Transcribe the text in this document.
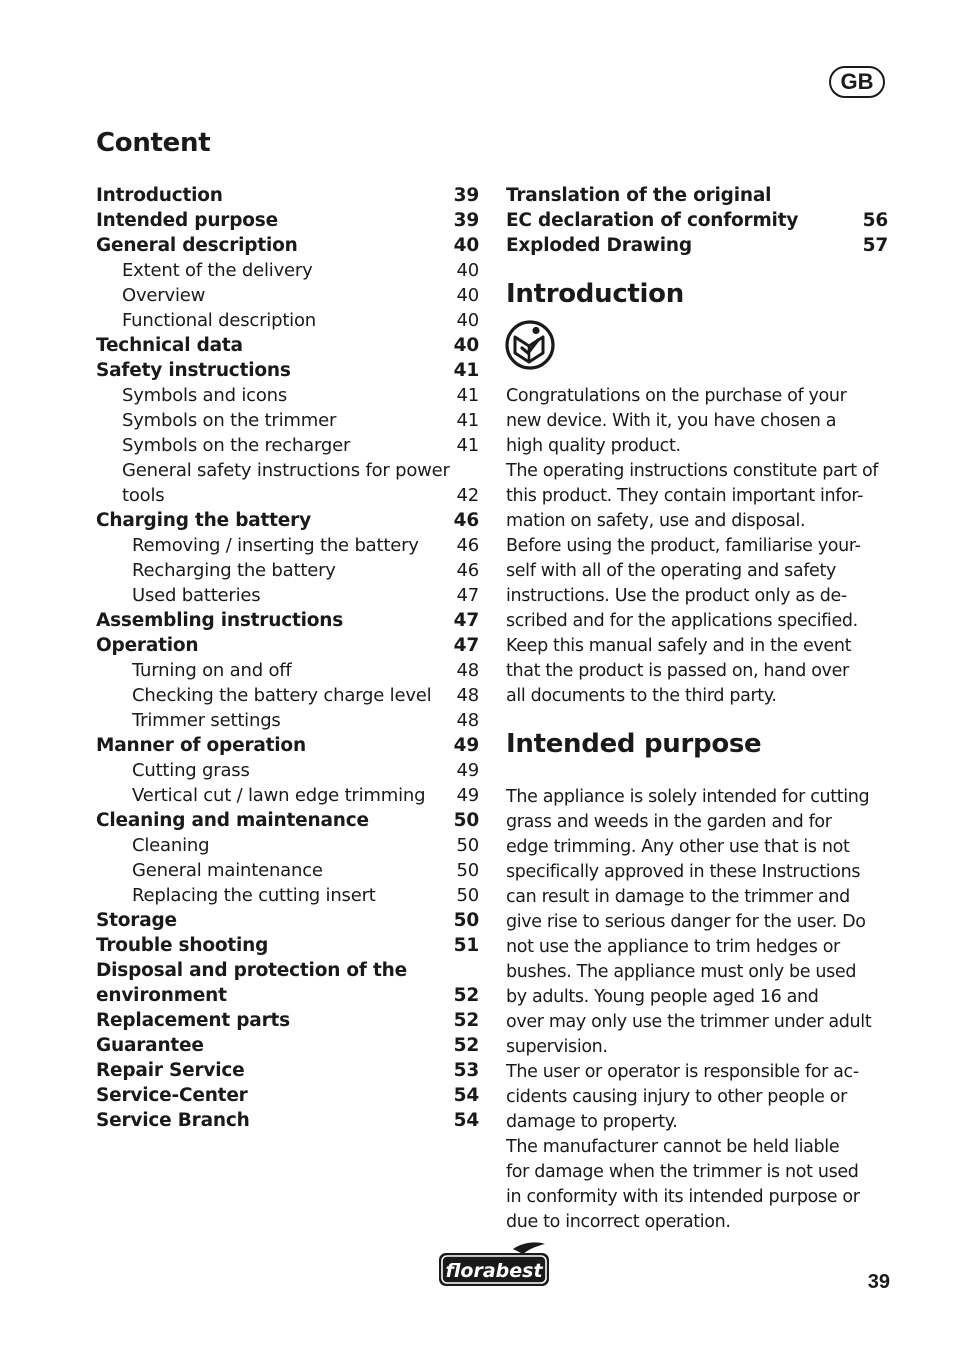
GB
Content
Introduction	39
Intended purpose	39
General description	40
Extent of the delivery	40
Overview	40
Functional description	40
Technical data	40
Safety instructions	41
Symbols and icons	41
Symbols on the trimmer	41
Symbols on the recharger	41
General safety instructions for power
tools	42
Charging the battery	46
Removing / inserting the battery 46
Recharging the battery	46
Used batteries	47
Assembling instructions	47
Operation	47
Turning on and off	48
Checking the battery charge level 48
Trimmer settings	48
Manner of operation	49
Cutting grass	49
Vertical cut / lawn edge trimming 49
Cleaning and maintenance	50
Cleaning	50
General maintenance	50
Replacing the cutting insert	50
Storage	50
Trouble shooting	51
Disposal and protection of the
environment	52
Replacement parts	52
Guarantee	52
Repair Service	53
Service-Center	54
Service Branch	54
Translation of the original
EC declaration of conformity	56
Exploded Drawing	57
Introduction
Congratulations on the purchase of your
new device. With it, you have chosen a
high quality product.
The operating instructions constitute part of
this product. They contain important infor-
mation on safety, use and disposal.
Before using the product, familiarise your-
self with all of the operating and safety
instructions. Use the product only as de-
scribed and for the applications specified.
Keep this manual safely and in the event
that the product is passed on, hand over
all documents to the third party.
Intended purpose
The appliance is solely intended for cutting
grass and weeds in the garden and for
edge trimming. Any other use that is not
specifically approved in these Instructions
can result in damage to the trimmer and
give rise to serious danger for the user. Do
not use the appliance to trim hedges or
bushes. The appliance must only be used
by adults. Young people aged 16 and
over may only use the trimmer under adult
supervision.
The user or operator is responsible for ac-
cidents causing injury to other people or
damage to property.
The manufacturer cannot be held liable
for damage when the trimmer is not used
in conformity with its intended purpose or
due to incorrect operation.
florabest	39
